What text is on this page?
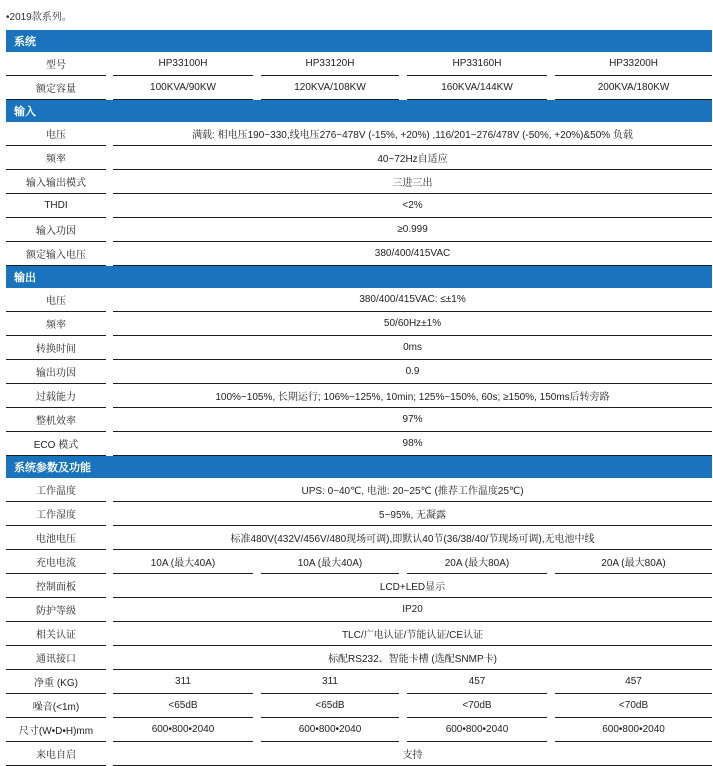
•2019款系列。
系统									
型号		HP33100H		HP33120H		HP33160H		HP33200H	
额定容量		100KVA/90KW		120KVA/108KW		160KVA/144KW		200KVA/180KW	
输入									
电压		满载: 相电压190~330,线电压276~478V (-15%, +20%) ,116/201~276/478V (-50%, +20%)&50% 负载							
频率		40~72Hz自适应							
输入输出模式		三进三出							
THDI		<2%							
输入功因		≥0.999							
额定输入电压		380/400/415VAC							
输出									
电压		380/400/415VAC: ≤±1%							
频率		50/60Hz±1%							
转换时间		0ms							
输出功因		0.9							
过载能力		100%~105%, 长期运行; 106%~125%, 10min; 125%~150%, 60s; ≥150%, 150ms后转旁路							
整机效率		97%							
ECO 模式		98%							
系统参数及功能									
工作温度		UPS: 0~40℃, 电池: 20~25℃ (推荐工作温度25℃)							
工作湿度		5~95%, 无凝露							
电池电压		标准480V(432V/456V/480现场可调),即默认40节(36/38/40/节现场可调),无电池中线							
充电电流		10A (最大40A)		10A (最大40A)		20A (最大80A)		20A (最大80A)	
控制面板		LCD+LED显示							
防护等级		IP20							
相关认证		TLC/广电认证/节能认证/CE认证							
通讯接口		标配RS232、智能卡槽 (选配SNMP卡)							
净重 (KG)		311		311		457		457	
噪音(<1m)		<65dB		<65dB		<70dB		<70dB	
尺寸(W•D•H)mm		600•800•2040		600•800•2040		600•800•2040		600•800•2040	
来电自启		支持							
